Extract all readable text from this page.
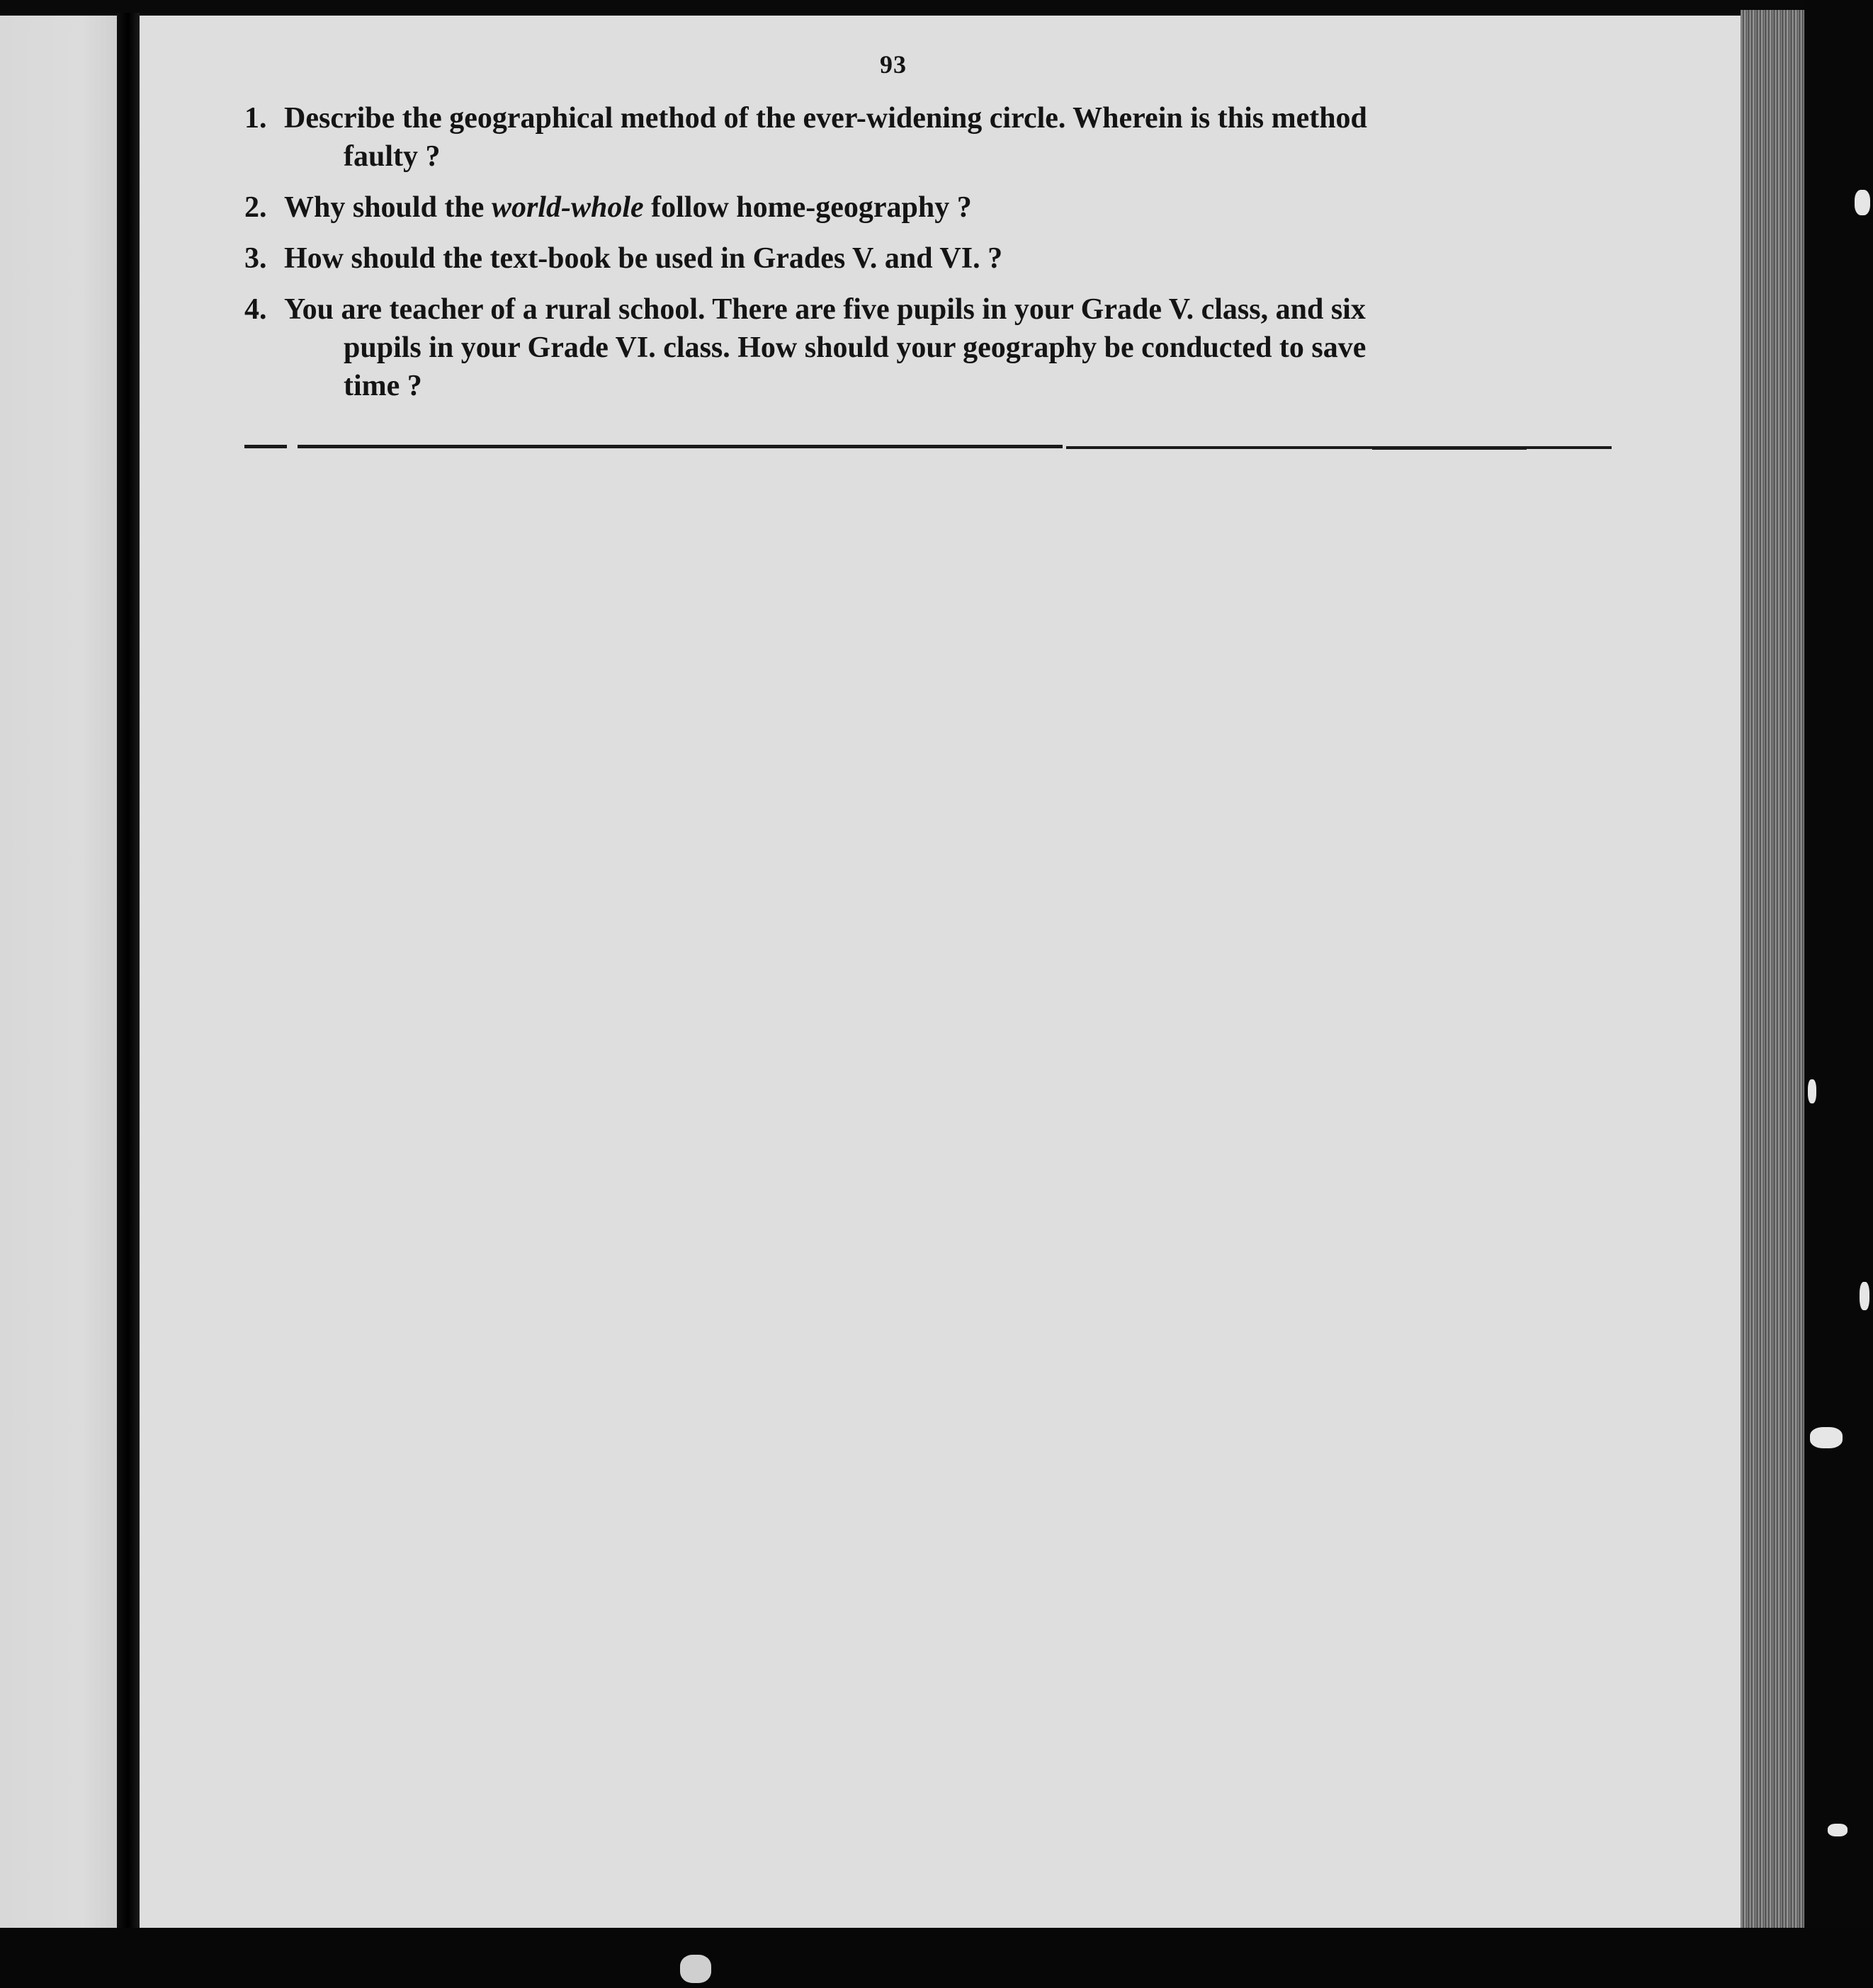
93
1. Describe the geographical method of the ever-widening circle. Wherein is this method
faulty ?
2. Why should the world-whole follow home-geography ?
3. How should the text-book be used in Grades V. and VI. ?
4. You are teacher of a rural school. There are five pupils in your Grade V. class, and six
pupils in your Grade VI. class. How should your geography be conducted to save
time ?
